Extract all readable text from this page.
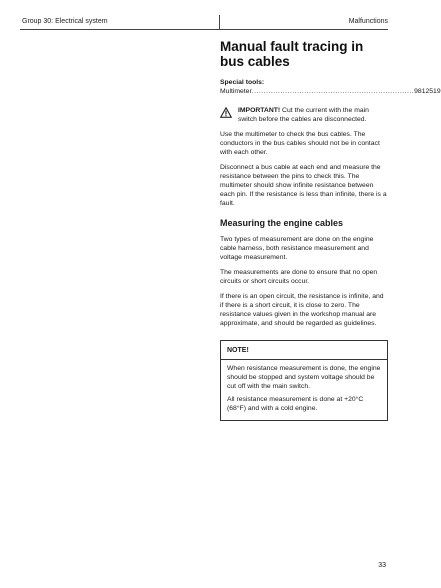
Group 30: Electrical system	Malfunctions
Manual fault tracing in bus cables
Special tools:
Multimeter .................................................................... 9812519
IMPORTANT! Cut the current with the main switch before the cables are disconnected.

Use the multimeter to check the bus cables. The conductors in the bus cables should not be in contact with each other.

Disconnect a bus cable at each end and measure the resistance between the pins to check this. The multimeter should show infinite resistance between each pin. If the resistance is less than infinite, there is a fault.

Measuring the engine cables

Two types of measurement are done on the engine cable harness, both resistance measurement and voltage measurement.

The measurements are done to ensure that no open circuits or short circuits occur.

If there is an open circuit, the resistance is infinite, and if there is a short circuit, it is close to zero. The resistance values given in the workshop manual are approximate, and should be regarded as guidelines.

NOTE!

When resistance measurement is done, the engine should be stopped and system voltage should be cut off with the main switch.

All resistance measurement is done at +20°C (68°F) and with a cold engine.

33
